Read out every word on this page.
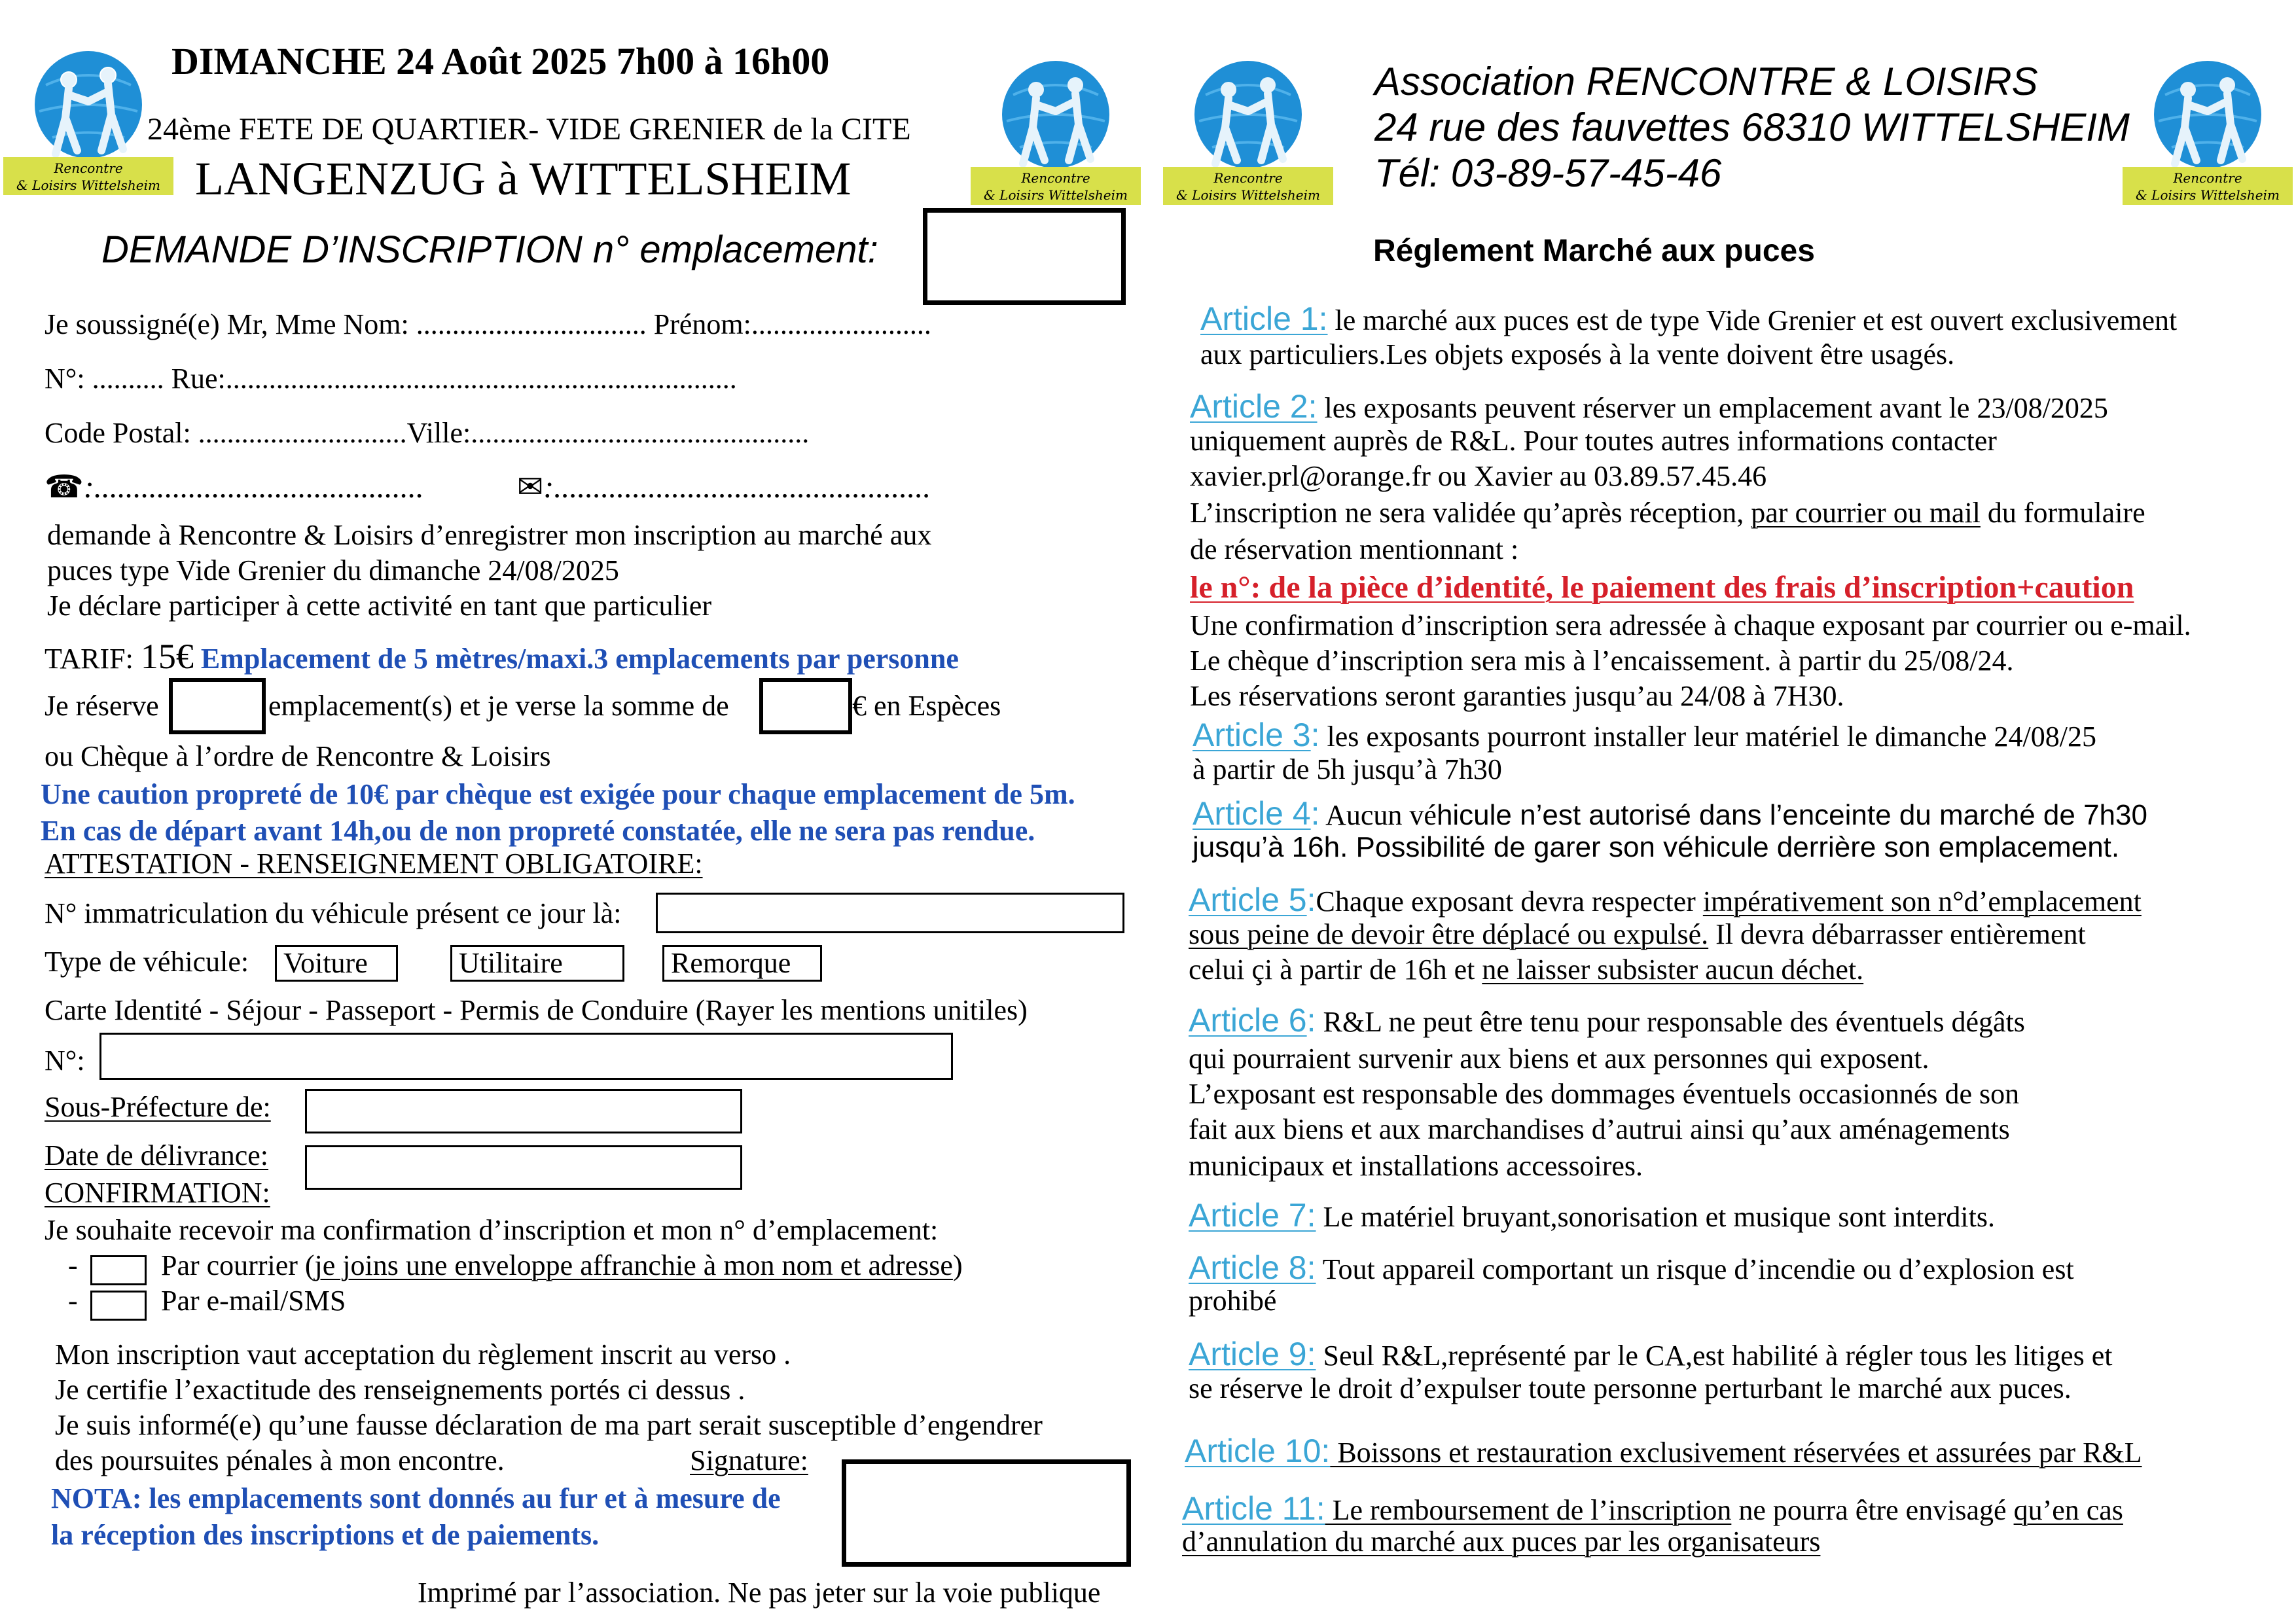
Rencontre
& Loisirs Wittelsheim	Rencontre
& Loisirs Wittelsheim
Rencontre
& Loisirs Wittelsheim
Rencontre
& Loisirs Wittelsheim
DIMANCHE 24 Août 2025 7h00 à 16h00
24ème FETE DE QUARTIER- VIDE GRENIER de la CITE
LANGENZUG à WITTELSHEIM
DEMANDE D’INSCRIPTION n° emplacement:
Je soussigné(e) Mr, Mme Nom: ................................ Prénom:.........................
N°: .......... Rue:.......................................................................
Code Postal: .............................Ville:...............................................
☎:..........................................	✉:................................................
demande à Rencontre & Loisirs d’enregistrer mon inscription au marché aux
puces type Vide Grenier du dimanche 24/08/2025
Je déclare participer à cette activité en tant que particulier
TARIF: 15€ Emplacement de 5 mètres/maxi.3 emplacements par personne
Je réserve	emplacement(s) et je verse la somme de	€ en Espèces
ou Chèque à l’ordre de Rencontre & Loisirs
Une caution propreté de 10€ par chèque est exigée pour chaque emplacement de 5m.
En cas de départ avant 14h,ou de non propreté constatée, elle ne sera pas rendue.
ATTESTATION - RENSEIGNEMENT OBLIGATOIRE:
N° immatriculation du véhicule présent ce jour là:
Type de véhicule: Voiture	Utilitaire	Remorque
Carte Identité - Séjour - Passeport - Permis de Conduire (Rayer les mentions unitiles)
N°:
Sous-Préfecture de:
Date de délivrance:
CONFIRMATION:
Je souhaite recevoir ma confirmation d’inscription et mon n° d’emplacement:
-	Par courrier (je joins une enveloppe affranchie à mon nom et adresse)
-	Par e-mail/SMS
Mon inscription vaut acceptation du règlement inscrit au verso .
Je certifie l’exactitude des renseignements portés ci dessus .
Je suis informé(e) qu’une fausse déclaration de ma part serait susceptible d’engendrer
des poursuites pénales à mon encontre.	Signature:
NOTA: les emplacements sont donnés au fur et à mesure de
la réception des inscriptions et de paiements.
Imprimé par l’association. Ne pas jeter sur la voie publique
Association RENCONTRE & LOISIRS
24 rue des fauvettes 68310 WITTELSHEIM
Tél: 03-89-57-45-46
Réglement Marché aux puces
Article 1: le marché aux puces est de type Vide Grenier et est ouvert exclusivement
aux particuliers.Les objets exposés à la vente doivent être usagés.
Article 2: les exposants peuvent réserver un emplacement avant le 23/08/2025
uniquement auprès de R&L. Pour toutes autres informations contacter
xavier.prl@orange.fr ou Xavier au 03.89.57.45.46
L’inscription ne sera validée qu’après réception, par courrier ou mail du formulaire
de réservation mentionnant :
le n°: de la pièce d’identité, le paiement des frais d’inscription+caution
Une confirmation d’inscription sera adressée à chaque exposant par courrier ou e-mail.
Le chèque d’inscription sera mis à l’encaissement. à partir du 25/08/24.
Les réservations seront garanties jusqu’au 24/08 à 7H30.
Article 3: les exposants pourront installer leur matériel le dimanche 24/08/25
à partir de 5h jusqu’à 7h30
Article 4: Aucun véhicule n’est autorisé dans l’enceinte du marché de 7h30
jusqu’à 16h. Possibilité de garer son véhicule derrière son emplacement.
Article 5:Chaque exposant devra respecter impérativement son n°d’emplacement
sous peine de devoir être déplacé ou expulsé. Il devra débarrasser entièrement
celui çi à partir de 16h et ne laisser subsister aucun déchet.
Article 6: R&L ne peut être tenu pour responsable des éventuels dégâts
qui pourraient survenir aux biens et aux personnes qui exposent.
L’exposant est responsable des dommages éventuels occasionnés de son
fait aux biens et aux marchandises d’autrui ainsi qu’aux aménagements
municipaux et installations accessoires.
Article 7: Le matériel bruyant,sonorisation et musique sont interdits.
Article 8: Tout appareil comportant un risque d’incendie ou d’explosion est
prohibé
Article 9: Seul R&L,représenté par le CA,est habilité à régler tous les litiges et
se réserve le droit d’expulser toute personne perturbant le marché aux puces.
Article 10: Boissons et restauration exclusivement réservées et assurées par R&L
Article 11: Le remboursement de l’inscription ne pourra être envisagé qu’en cas
d’annulation du marché aux puces par les organisateurs
